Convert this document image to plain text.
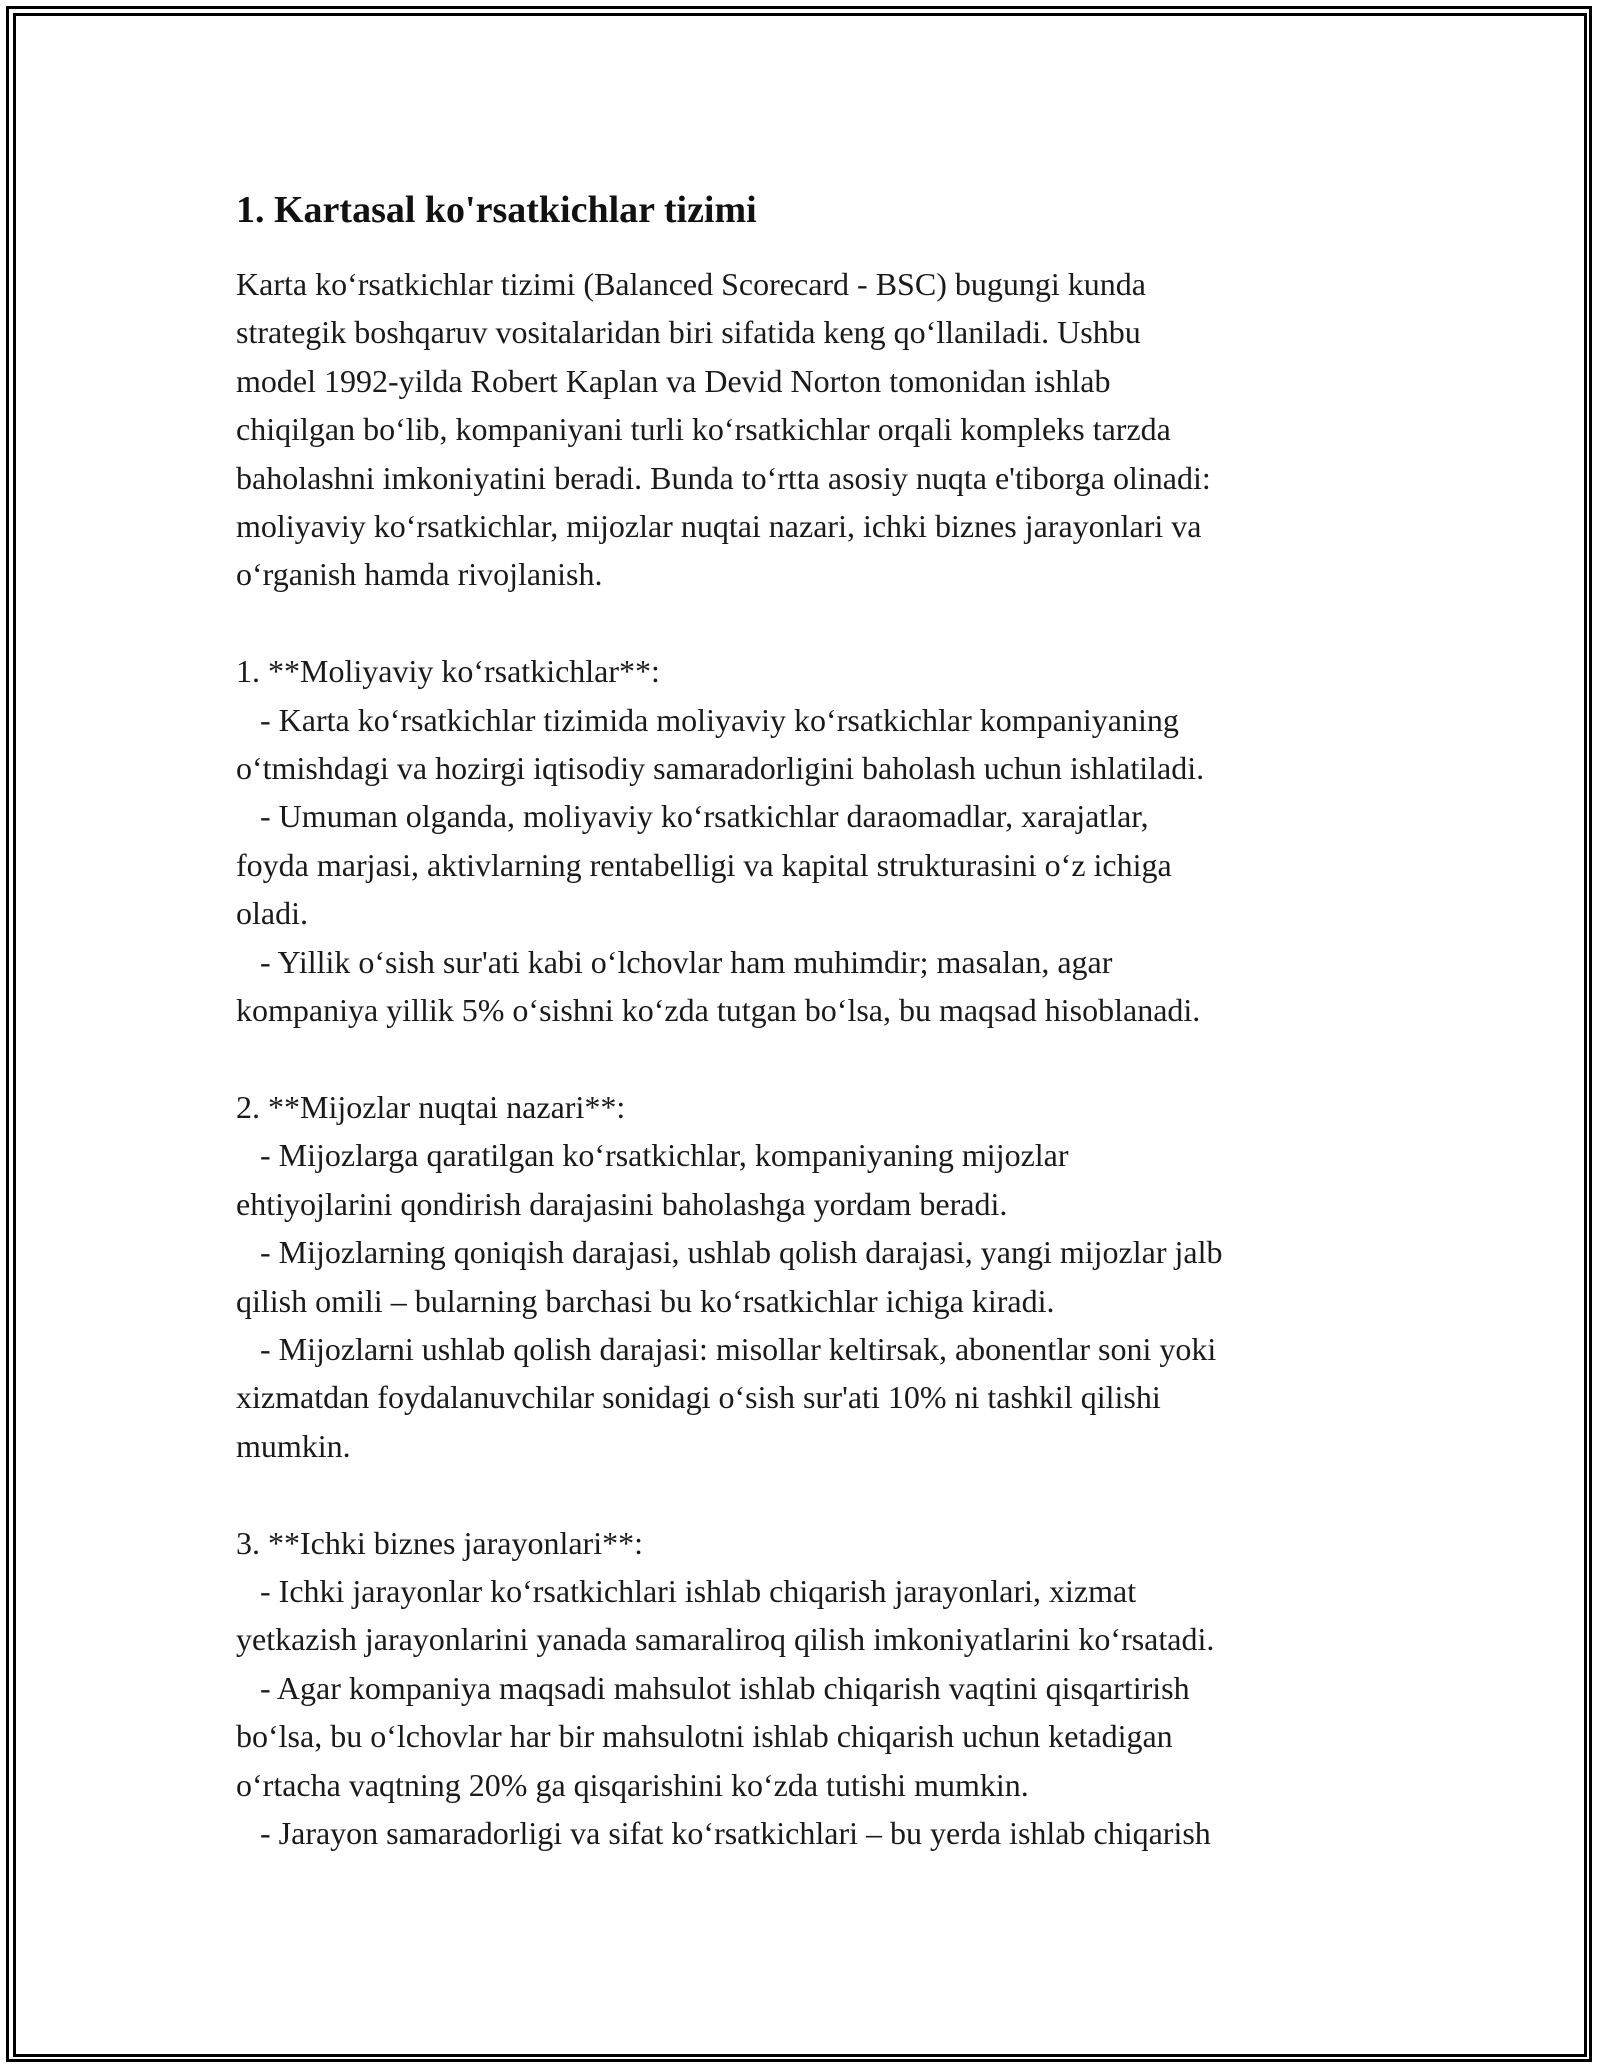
1. Kartasal ko'rsatkichlar tizimi

Karta koʻrsatkichlar tizimi (Balanced Scorecard - BSC) bugungi kunda
strategik boshqaruv vositalaridan biri sifatida keng qoʻllaniladi. Ushbu
model 1992-yilda Robert Kaplan va Devid Norton tomonidan ishlab
chiqilgan boʻlib, kompaniyani turli koʻrsatkichlar orqali kompleks tarzda
baholashni imkoniyatini beradi. Bunda toʻrtta asosiy nuqta e'tiborga olinadi:
moliyaviy koʻrsatkichlar, mijozlar nuqtai nazari, ichki biznes jarayonlari va
oʻrganish hamda rivojlanish.

1. **Moliyaviy koʻrsatkichlar**:
- Karta koʻrsatkichlar tizimida moliyaviy koʻrsatkichlar kompaniyaning
oʻtmishdagi va hozirgi iqtisodiy samaradorligini baholash uchun ishlatiladi.
- Umuman olganda, moliyaviy koʻrsatkichlar daraomadlar, xarajatlar,
foyda marjasi, aktivlarning rentabelligi va kapital strukturasini oʻz ichiga
oladi.
- Yillik oʻsish sur'ati kabi oʻlchovlar ham muhimdir; masalan, agar
kompaniya yillik 5% oʻsishni koʻzda tutgan boʻlsa, bu maqsad hisoblanadi.

2. **Mijozlar nuqtai nazari**:
- Mijozlarga qaratilgan koʻrsatkichlar, kompaniyaning mijozlar
ehtiyojlarini qondirish darajasini baholashga yordam beradi.
- Mijozlarning qoniqish darajasi, ushlab qolish darajasi, yangi mijozlar jalb
qilish omili – bularning barchasi bu koʻrsatkichlar ichiga kiradi.
- Mijozlarni ushlab qolish darajasi: misollar keltirsak, abonentlar soni yoki
xizmatdan foydalanuvchilar sonidagi oʻsish sur'ati 10% ni tashkil qilishi
mumkin.

3. **Ichki biznes jarayonlari**:
- Ichki jarayonlar koʻrsatkichlari ishlab chiqarish jarayonlari, xizmat
yetkazish jarayonlarini yanada samaraliroq qilish imkoniyatlarini koʻrsatadi.
- Agar kompaniya maqsadi mahsulot ishlab chiqarish vaqtini qisqartirish
boʻlsa, bu oʻlchovlar har bir mahsulotni ishlab chiqarish uchun ketadigan
oʻrtacha vaqtning 20% ga qisqarishini koʻzda tutishi mumkin.
- Jarayon samaradorligi va sifat koʻrsatkichlari – bu yerda ishlab chiqarish
